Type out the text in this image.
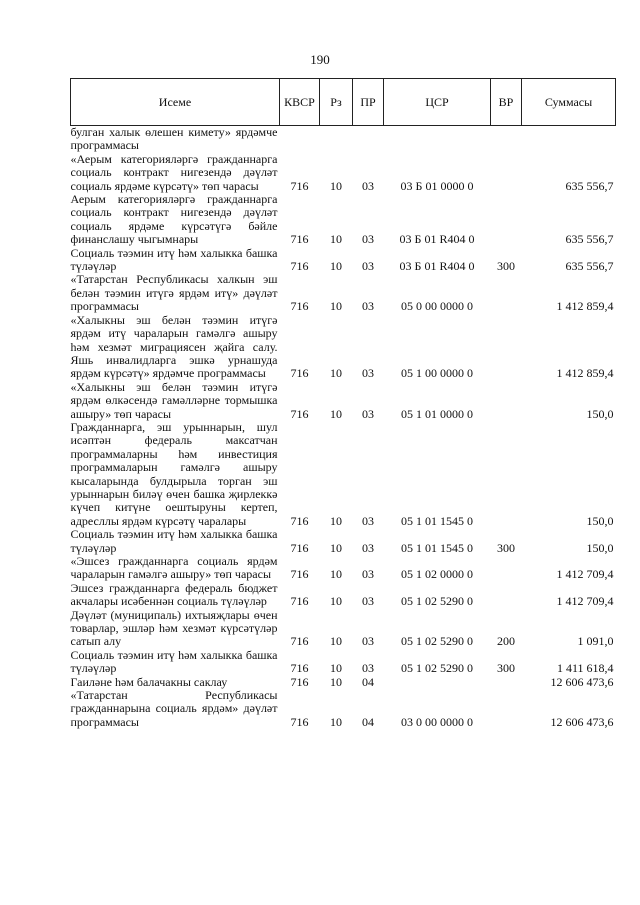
190
Исеме	КВСР	Рз	ПР	ЦСР	ВР	Суммасы
булган халык өлешен кимету» ярдәмче программасы						
«Аерым категорияләргә гражданнарга социаль контракт нигезендә дәүләт социаль ярдәме күрсәтү» төп чарасы	716	10	03	03 Б 01 0000 0		635 556,7
Аерым категорияләргә гражданнарга социаль контракт нигезендә дәүләт социаль ярдәме күрсәтүгә бәйле финанслашу чыгымнары	716	10	03	03 Б 01 R404 0		635 556,7
Социаль тәэмин итү һәм халыкка башка түләүләр	716	10	03	03 Б 01 R404 0	300	635 556,7
«Татарстан Республикасы халкын эш белән тәэмин итүгә ярдәм итү» дәүләт программасы	716	10	03	05 0 00 0000 0		1 412 859,4
«Халыкны эш белән тәэмин итүгә ярдәм итү чараларын гамәлгә ашыру һәм хезмәт миграциясен җайга салу. Яшь инвалидларга эшкә урнашуда ярдәм күрсәтү» ярдәмче программасы	716	10	03	05 1 00 0000 0		1 412 859,4
«Халыкны эш белән тәэмин итүгә ярдәм өлкәсендә гамәлләрне тормышка ашыру» төп чарасы	716	10	03	05 1 01 0000 0		150,0
Гражданнарга, эш урыннарын, шул исәптән федераль максатчан программаларны һәм инвестиция программаларын гамәлгә ашыру кысаларында булдырыла торган эш урыннарын биләү өчен башка җирлеккә күчеп китүне оештыруны кертеп, адресллы ярдәм күрсәтү чаралары	716	10	03	05 1 01 1545 0		150,0
Социаль тәэмин итү һәм халыкка башка түләүләр	716	10	03	05 1 01 1545 0	300	150,0
«Эшсез гражданнарга социаль ярдәм чараларын гамәлгә ашыру» төп чарасы	716	10	03	05 1 02 0000 0		1 412 709,4
Эшсез гражданнарга федераль бюджет акчалары исәбеннән социаль түләүләр	716	10	03	05 1 02 5290 0		1 412 709,4
Дәүләт (муниципаль) ихтыяҗлары өчен товарлар, эшләр һәм хезмәт күрсәтүләр сатып алу	716	10	03	05 1 02 5290 0	200	1 091,0
Социаль тәэмин итү һәм халыкка башка түләүләр	716	10	03	05 1 02 5290 0	300	1 411 618,4
Гаиләне һәм балачакны саклау	716	10	04			12 606 473,6
«Татарстан Республикасы гражданнарына социаль ярдәм» дәүләт программасы	716	10	04	03 0 00 0000 0		12 606 473,6
